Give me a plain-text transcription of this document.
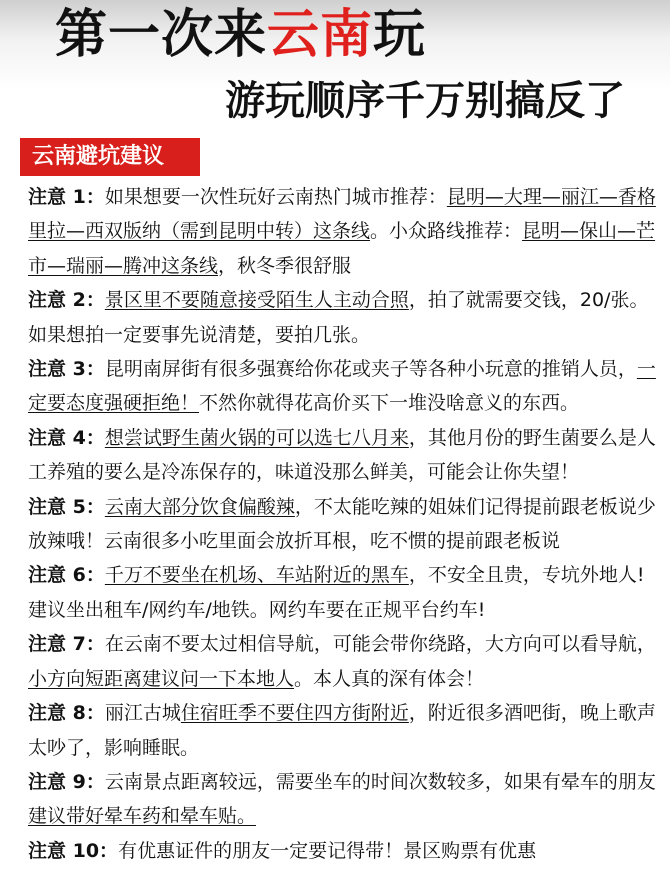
第一次来云南玩
游玩顺序千万别搞反了
云南避坑建议

注意 1：如果想要一次性玩好云南热门城市推荐：昆明—大理—丽江—香格里拉—西双版纳（需到昆明中转）这条线。小众路线推荐：昆明—保山—芒市—瑞丽—腾冲这条线，秋冬季很舒服

注意 2：景区里不要随意接受陌生人主动合照，拍了就需要交钱，20/张。如果想拍一定要事先说清楚，要拍几张。

注意 3：昆明南屏街有很多强赛给你花或夹子等各种小玩意的推销人员，一定要态度强硬拒绝！不然你就得花高价买下一堆没啥意义的东西。

注意 4：想尝试野生菌火锅的可以选七八月来，其他月份的野生菌要么是人工养殖的要么是冷冻保存的，味道没那么鲜美，可能会让你失望！

注意 5：云南大部分饮食偏酸辣，不太能吃辣的姐妹们记得提前跟老板说少放辣哦！云南很多小吃里面会放折耳根，吃不惯的提前跟老板说

注意 6：千万不要坐在机场、车站附近的黑车，不安全且贵，专坑外地人!建议坐出租车/网约车/地铁。网约车要在正规平台约车!

注意 7：在云南不要太过相信导航，可能会带你绕路，大方向可以看导航，小方向短距离建议问一下本地人。本人真的深有体会！

注意 8：丽江古城住宿旺季不要住四方街附近，附近很多酒吧街，晚上歌声太吵了，影响睡眠。

注意 9：云南景点距离较远，需要坐车的时间次数较多，如果有晕车的朋友建议带好晕车药和晕车贴。

注意 10：有优惠证件的朋友一定要记得带！景区购票有优惠
